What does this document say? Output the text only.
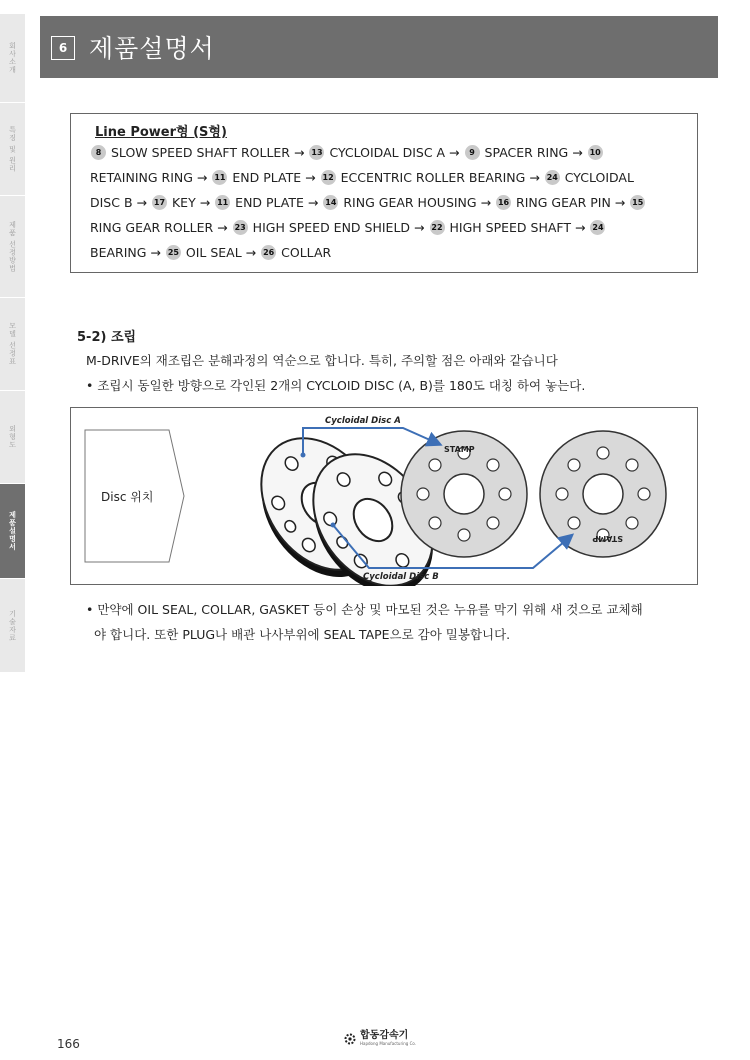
회사소개
특징 및 원리
제품 선정방법
모델 선정표
외형도
제품설명서
기술자료
6 제품설명서
Line Power형 (S형)
8 SLOW SPEED SHAFT ROLLER → 13 CYCLOIDAL DISC A →	9 SPACER RING → 10
RETAINING RING → 11 END PLATE → 12 ECCENTRIC ROLLER BEARING → 24 CYCLOIDAL
DISC B → 17 KEY → 11 END PLATE → 14 RING GEAR HOUSING → 16 RING GEAR PIN → 15
RING GEAR ROLLER → 23 HIGH SPEED END SHIELD → 22 HIGH SPEED SHAFT → 24
BEARING → 25 OIL SEAL → 26 COLLAR
5-2) 조립
M-DRIVE의 재조립은 분해과정의 역순으로 합니다. 특히, 주의할 점은 아래와 같습니다
• 조립시 동일한 방향으로 각인된 2개의 CYCLOID DISC (A, B)를 180도 대칭 하여 놓는다.
Disc 위치
STAMP
STAMP
Cycloidal Disc A
Cycloidal Disc B
• 만약에 OIL SEAL, COLLAR, GASKET 등이 손상 및 마모된 것은 누유를 막기 위해 새 것으로 교체해
야 합니다. 또한 PLUG나 배관 나사부위에 SEAL TAPE으로 감아 밀봉합니다.
166
합동감속기
Hapdong Manufacturing Co.
